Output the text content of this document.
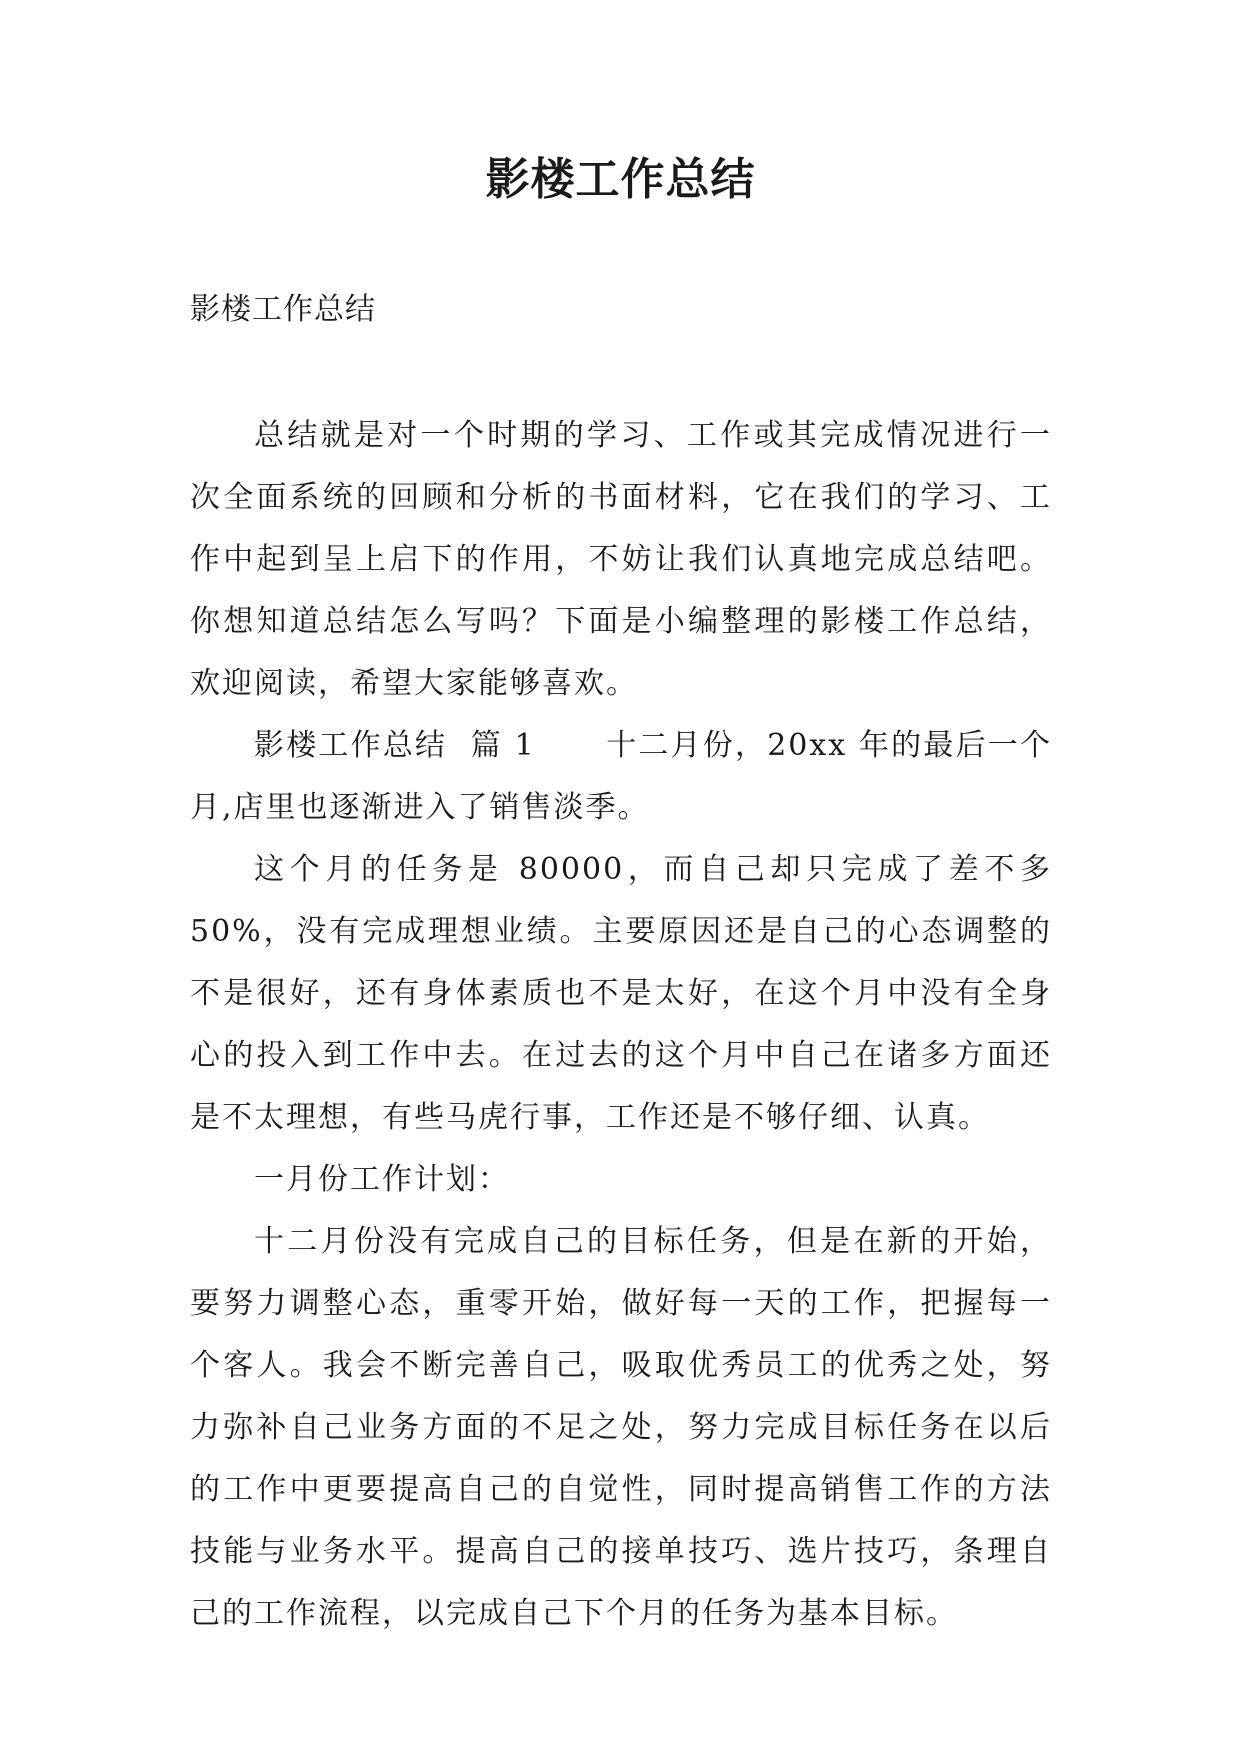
影楼工作总结
影楼工作总结

总结就是对一个时期的学习、工作或其完成情况进行一次全面系统的回顾和分析的书面材料，它在我们的学习、工作中起到呈上启下的作用，不妨让我们认真地完成总结吧。你想知道总结怎么写吗？下面是小编整理的影楼工作总结，欢迎阅读，希望大家能够喜欢。

影楼工作总结  篇 1      十二月份，20xx 年的最后一个月,店里也逐渐进入了销售淡季。

这个月的任务是 80000，而自己却只完成了差不多 50%，没有完成理想业绩。主要原因还是自己的心态调整的不是很好，还有身体素质也不是太好，在这个月中没有全身心的投入到工作中去。在过去的这个月中自己在诸多方面还是不太理想，有些马虎行事，工作还是不够仔细、认真。

一月份工作计划：

十二月份没有完成自己的目标任务，但是在新的开始，要努力调整心态，重零开始，做好每一天的工作，把握每一个客人。我会不断完善自己，吸取优秀员工的优秀之处，努力弥补自己业务方面的不足之处，努力完成目标任务在以后的工作中更要提高自己的自觉性，同时提高销售工作的方法技能与业务水平。提高自己的接单技巧、选片技巧，条理自己的工作流程，以完成自己下个月的任务为基本目标。
